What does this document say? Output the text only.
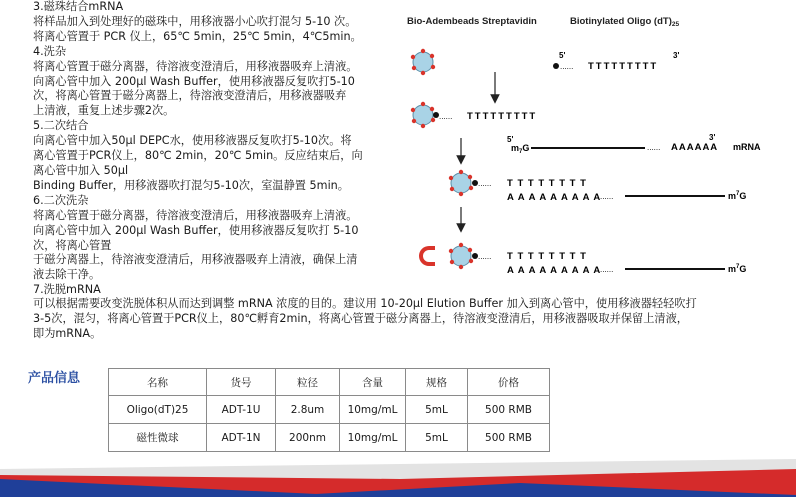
3.磁珠结合mRNA
将样品加入到处理好的磁珠中，用移液器小心吹打混匀 5-10 次。
将离心管置于 PCR 仪上，65℃ 5min，25℃ 5min，4℃5min。
4.洗杂
将离心管置于磁分离器，待溶液变澄清后，用移液器吸弃上清液。
向离心管中加入 200μl Wash Buffer，使用移液器反复吹打5-10
次，将离心管置于磁分离器上，待溶液变澄清后，用移液器吸弃
上清液，重复上述步骤2次。
5.二次结合
向离心管中加入50μl DEPC水，使用移液器反复吹打5-10次。将
离心管置于PCR仪上，80℃ 2min，20℃ 5min。反应结束后，向
离心管中加入 50μl
Binding Buffer，用移液器吹打混匀5-10次，室温静置 5min。
6.二次洗杂
将离心管置于磁分离器，待溶液变澄清后，用移液器吸弃上清液。
向离心管中加入 200μl Wash Buffer，使用移液器反复吹打 5-10
次，将离心管置
于磁分离器上，待溶液变澄清后，用移液器吸弃上清液，确保上清
液去除干净。
7.洗脱mRNA
可以根据需要改变洗脱体积从而达到调整 mRNA 浓度的目的。建议用 10-20μl Elution Buffer 加入到离心管中，使用移液器轻轻吹打
3-5次，混匀，将离心管置于PCR仪上，80℃孵育2min，将离心管置于磁分离器上，待溶液变澄清后，用移液器吸取并保留上清液，
即为mRNA。
Bio-Adembeads Streptavidin	Biotinylated Oligo $(dT)_{25}$
5'
...... TTTTTTTTT
3'
...... TTTTTTTTT
5'
$m_7G$	...... AAAAAA
3'
mRNA
...... T T T T T T T T
A A A A A A A A A
......	$m^7G$
...... T T T T T T T T
A A A A A A A A A
......	$m^7G$
产品信息	名称	货号	粒径	含量	规格	价格
Oligo(dT)25	ADT-1U	2.8um	10mg/mL	5mL	500 RMB
磁性微球	ADT-1N	200nm	10mg/mL	5mL	500 RMB
